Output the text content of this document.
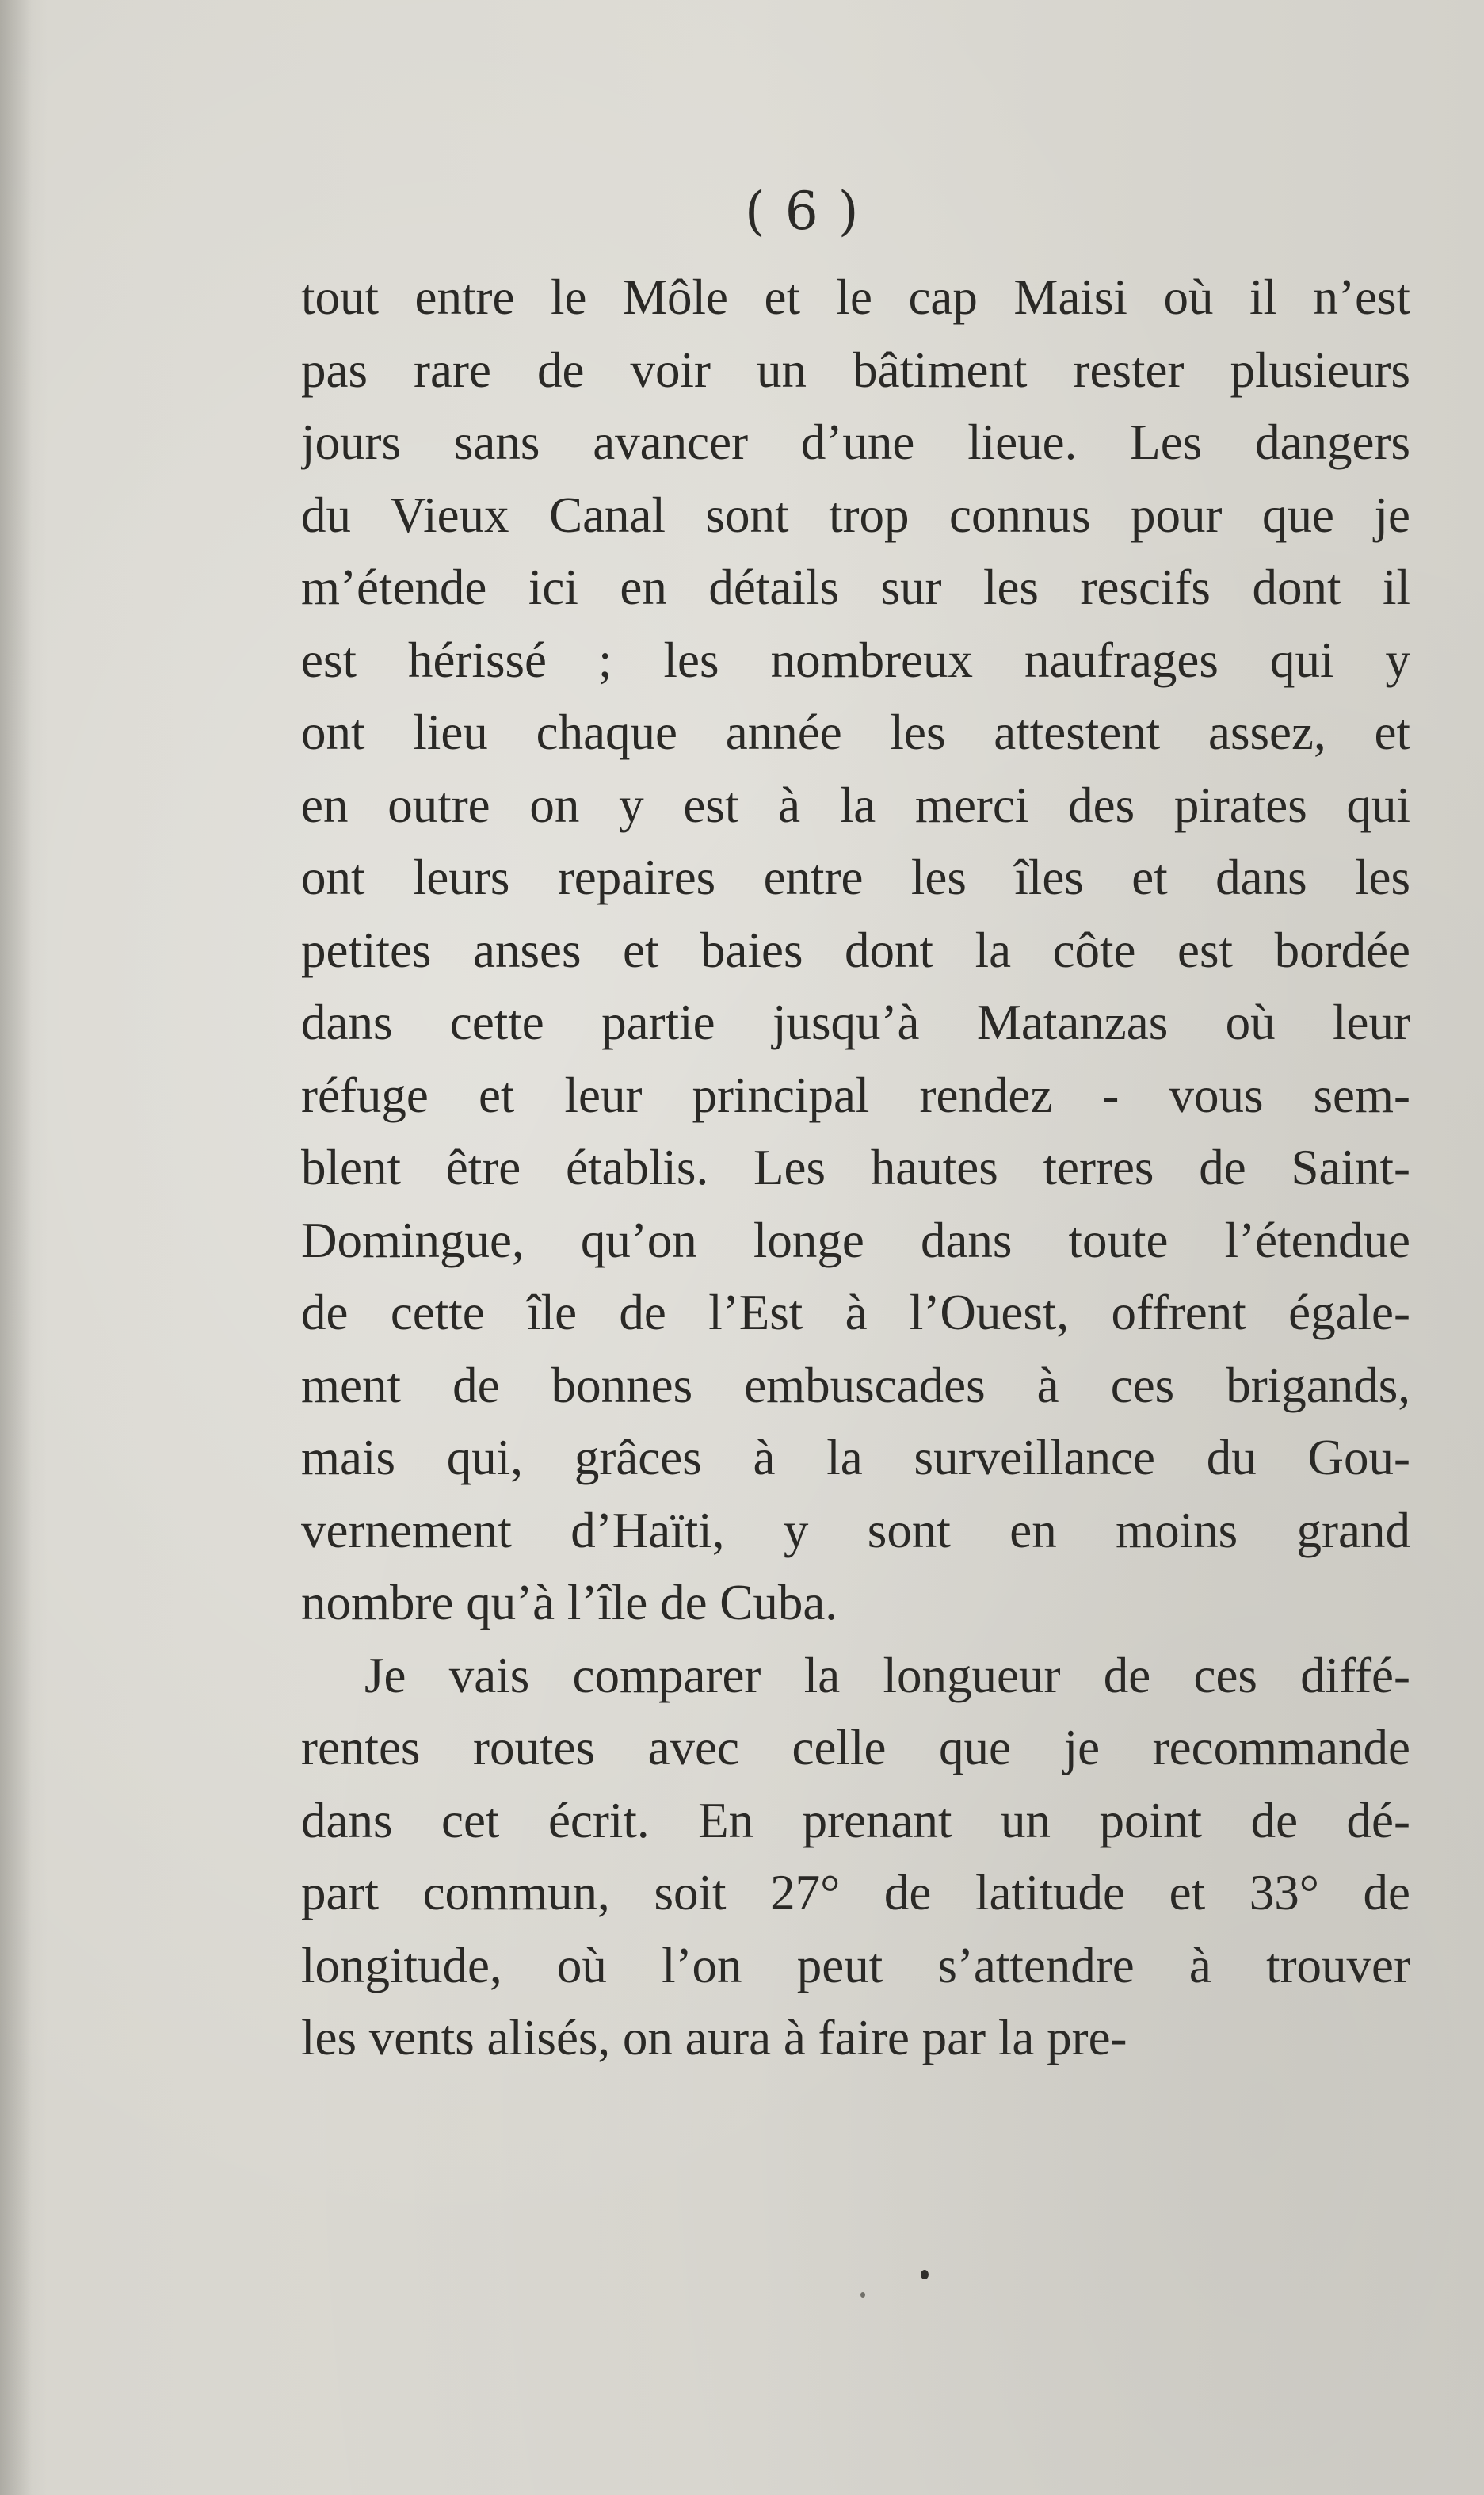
( 6 )
tout entre le Môle et le cap Maisi où il n’est
pas rare de voir un bâtiment rester plusieurs
jours sans avancer d’une lieue. Les dangers
du Vieux Canal sont trop connus pour que je
m’étende ici en détails sur les rescifs dont il
est hérissé ; les nombreux naufrages qui y
ont lieu chaque année les attestent assez, et
en outre on y est à la merci des pirates qui
ont leurs repaires entre les îles et dans les
petites anses et baies dont la côte est bordée
dans cette partie jusqu’à Matanzas où leur
réfuge et leur principal rendez - vous sem-
blent être établis. Les hautes terres de Saint-
Domingue, qu’on longe dans toute l’étendue
de cette île de l’Est à l’Ouest, offrent égale-
ment de bonnes embuscades à ces brigands,
mais qui, grâces à la surveillance du Gou-
vernement d’Haïti, y sont en moins grand
nombre qu’à l’île de Cuba.
Je vais comparer la longueur de ces diffé-
rentes routes avec celle que je recommande
dans cet écrit. En prenant un point de dé-
part commun, soit 27° de latitude et 33° de
longitude, où l’on peut s’attendre à trouver
les vents alisés, on aura à faire par la pre-
